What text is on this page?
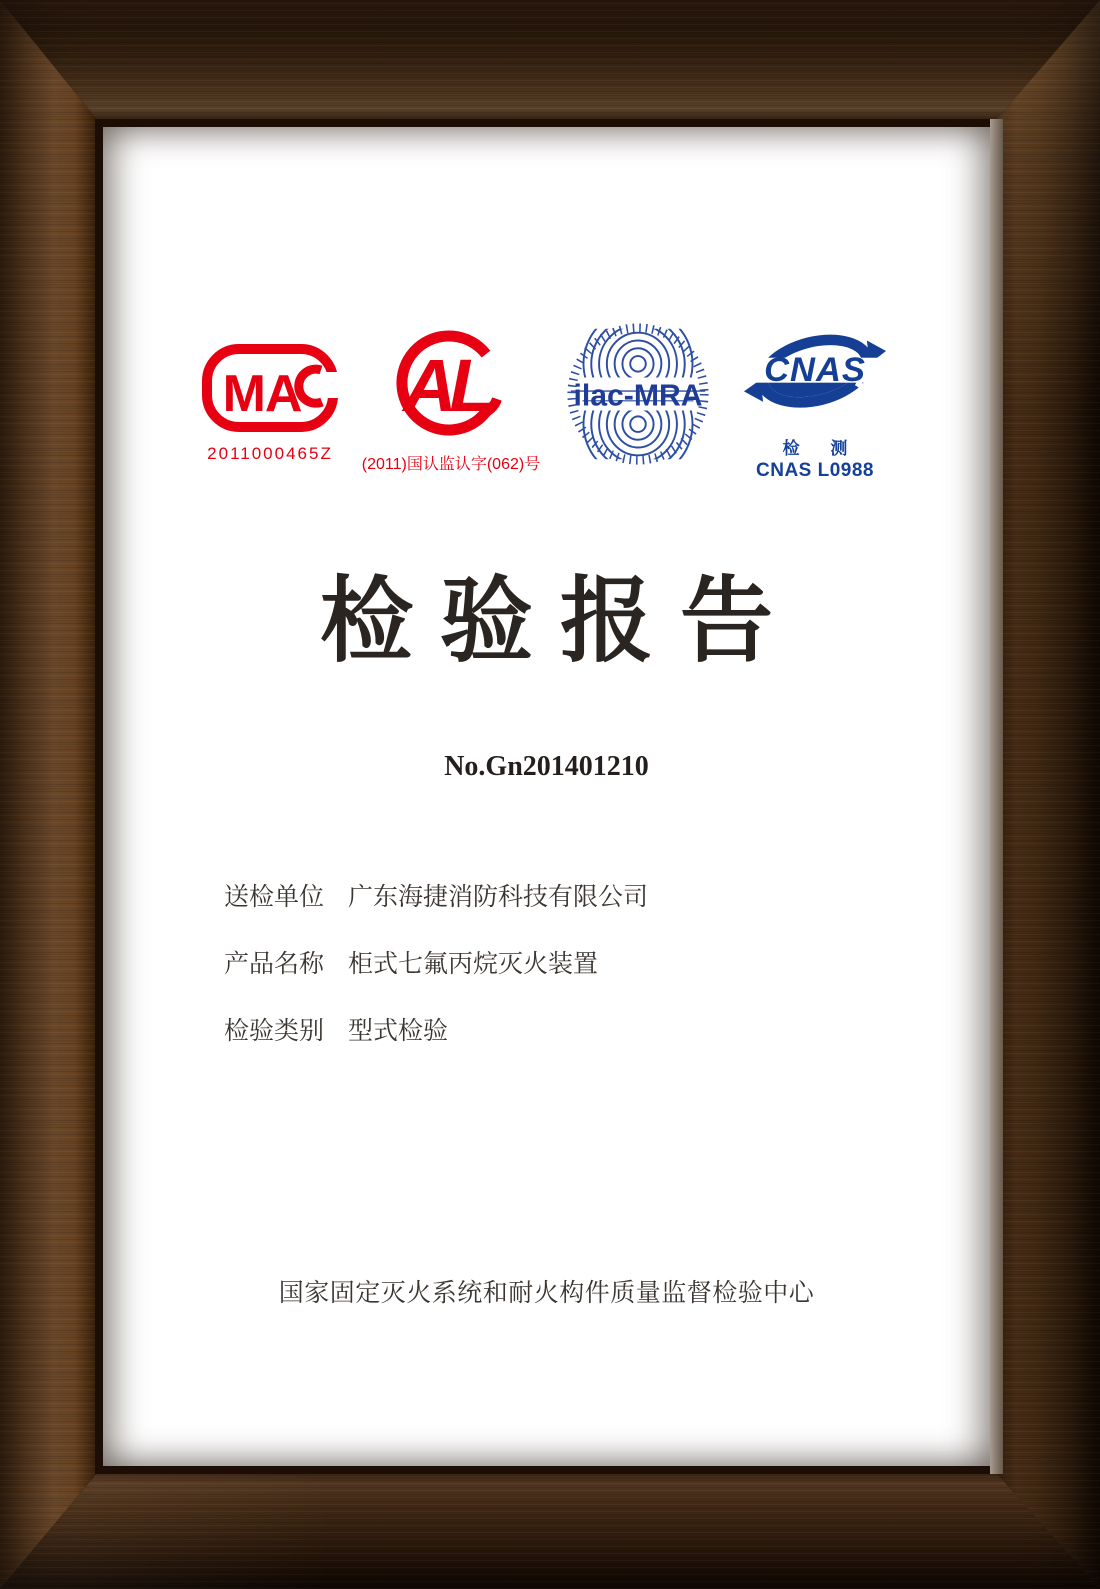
MA
2011000465Z
A
L
(2011)国认监认字(062)号
ilac-MRA
CNAS
检 测
CNAS L0988
检验报告
No.Gn201401210
送检单位 广东海捷消防科技有限公司
产品名称 柜式七氟丙烷灭火装置
检验类别 型式检验
国家固定灭火系统和耐火构件质量监督检验中心
